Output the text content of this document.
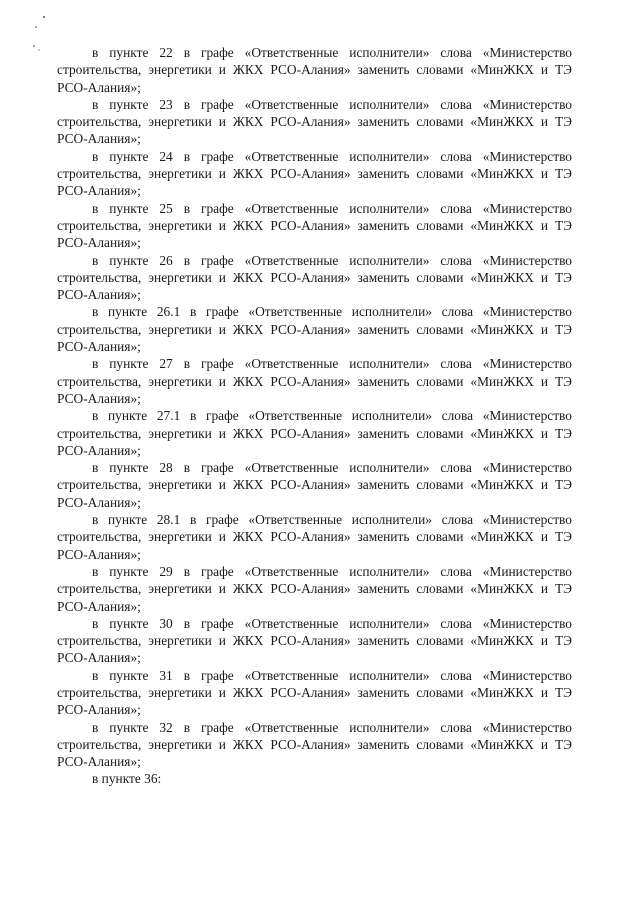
в пункте 22 в графе «Ответственные исполнители» слова «Министерство строительства, энергетики и ЖКХ РСО-Алания» заменить словами «МинЖКХ и ТЭ РСО-Алания»;

в пункте 23 в графе «Ответственные исполнители» слова «Министерство строительства, энергетики и ЖКХ РСО-Алания» заменить словами «МинЖКХ и ТЭ РСО-Алания»;

в пункте 24 в графе «Ответственные исполнители» слова «Министерство строительства, энергетики и ЖКХ РСО-Алания» заменить словами «МинЖКХ и ТЭ РСО-Алания»;

в пункте 25 в графе «Ответственные исполнители» слова «Министерство строительства, энергетики и ЖКХ РСО-Алания» заменить словами «МинЖКХ и ТЭ РСО-Алания»;

в пункте 26 в графе «Ответственные исполнители» слова «Министерство строительства, энергетики и ЖКХ РСО-Алания» заменить словами «МинЖКХ и ТЭ РСО-Алания»;

в пункте 26.1 в графе «Ответственные исполнители» слова «Министерство строительства, энергетики и ЖКХ РСО-Алания» заменить словами «МинЖКХ и ТЭ РСО-Алания»;

в пункте 27 в графе «Ответственные исполнители» слова «Министерство строительства, энергетики и ЖКХ РСО-Алания» заменить словами «МинЖКХ и ТЭ РСО-Алания»;

в пункте 27.1 в графе «Ответственные исполнители» слова «Министерство строительства, энергетики и ЖКХ РСО-Алания» заменить словами «МинЖКХ и ТЭ РСО-Алания»;

в пункте 28 в графе «Ответственные исполнители» слова «Министерство строительства, энергетики и ЖКХ РСО-Алания» заменить словами «МинЖКХ и ТЭ РСО-Алания»;

в пункте 28.1 в графе «Ответственные исполнители» слова «Министерство строительства, энергетики и ЖКХ РСО-Алания» заменить словами «МинЖКХ и ТЭ РСО-Алания»;

в пункте 29 в графе «Ответственные исполнители» слова «Министерство строительства, энергетики и ЖКХ РСО-Алания» заменить словами «МинЖКХ и ТЭ РСО-Алания»;

в пункте 30 в графе «Ответственные исполнители» слова «Министерство строительства, энергетики и ЖКХ РСО-Алания» заменить словами «МинЖКХ и ТЭ РСО-Алания»;

в пункте 31 в графе «Ответственные исполнители» слова «Министерство строительства, энергетики и ЖКХ РСО-Алания» заменить словами «МинЖКХ и ТЭ РСО-Алания»;

в пункте 32 в графе «Ответственные исполнители» слова «Министерство строительства, энергетики и ЖКХ РСО-Алания» заменить словами «МинЖКХ и ТЭ РСО-Алания»;

в пункте 36:
